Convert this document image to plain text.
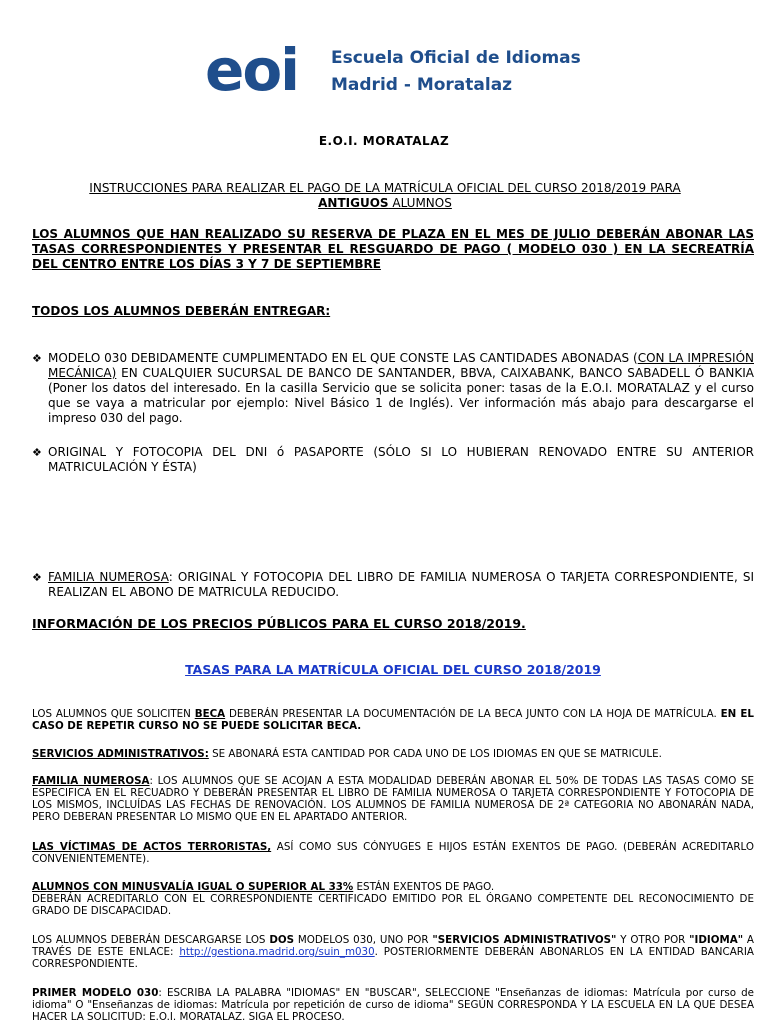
eoi Escuela Oficial de Idiomas
Madrid - Moratalaz
E.O.I. MORATALAZ
INSTRUCCIONES PARA REALIZAR EL PAGO DE LA MATRÍCULA OFICIAL DEL CURSO 2018/2019 PARA
ANTIGUOS ALUMNOS
LOS ALUMNOS QUE HAN REALIZADO SU RESERVA DE PLAZA EN EL MES DE JULIO DEBERÁN ABONAR LAS TASAS CORRESPONDIENTES Y PRESENTAR EL RESGUARDO DE PAGO ( MODELO 030 ) EN LA SECREATRÍA DEL CENTRO ENTRE LOS DÍAS 3 Y 7 DE SEPTIEMBRE
TODOS LOS ALUMNOS DEBERÁN ENTREGAR:
❖ MODELO 030 DEBIDAMENTE CUMPLIMENTADO EN EL QUE CONSTE LAS CANTIDADES ABONADAS (CON LA IMPRESIÓN MECÁNICA) EN CUALQUIER SUCURSAL DE BANCO DE SANTANDER, BBVA, CAIXABANK, BANCO SABADELL Ó BANKIA (Poner los datos del interesado. En la casilla Servicio que se solicita poner: tasas de la E.O.I. MORATALAZ y el curso que se vaya a matricular por ejemplo: Nivel Básico 1 de Inglés). Ver información más abajo para descargarse el impreso 030 del pago.
❖ ORIGINAL Y FOTOCOPIA DEL DNI ó PASAPORTE (SÓLO SI LO HUBIERAN RENOVADO ENTRE SU ANTERIOR MATRICULACIÓN Y ÉSTA)
❖ FAMILIA NUMEROSA: ORIGINAL Y FOTOCOPIA DEL LIBRO DE FAMILIA NUMEROSA O TARJETA CORRESPONDIENTE, SI REALIZAN EL ABONO DE MATRICULA REDUCIDO.
INFORMACIÓN DE LOS PRECIOS PÚBLICOS PARA EL CURSO 2018/2019.
TASAS PARA LA MATRÍCULA OFICIAL DEL CURSO 2018/2019
LOS ALUMNOS QUE SOLICITEN BECA DEBERÁN PRESENTAR LA DOCUMENTACIÓN DE LA BECA JUNTO CON LA HOJA DE MATRÍCULA. EN EL CASO DE REPETIR CURSO NO SE PUEDE SOLICITAR BECA.
SERVICIOS ADMINISTRATIVOS: SE ABONARÁ ESTA CANTIDAD POR CADA UNO DE LOS IDIOMAS EN QUE SE MATRICULE.
FAMILIA NUMEROSA: LOS ALUMNOS QUE SE ACOJAN A ESTA MODALIDAD DEBERÁN ABONAR EL 50% DE TODAS LAS TASAS COMO SE ESPECIFICA EN EL RECUADRO Y DEBERÁN PRESENTAR EL LIBRO DE FAMILIA NUMEROSA O TARJETA CORRESPONDIENTE Y FOTOCOPIA DE LOS MISMOS, INCLUÍDAS LAS FECHAS DE RENOVACIÓN. LOS ALUMNOS DE FAMILIA NUMEROSA DE 2ª CATEGORIA NO ABONARÁN NADA, PERO DEBERAN PRESENTAR LO MISMO QUE EN EL APARTADO ANTERIOR.
LAS VÍCTIMAS DE ACTOS TERRORISTAS, ASÍ COMO SUS CÓNYUGES E HIJOS ESTÁN EXENTOS DE PAGO. (DEBERÁN ACREDITARLO CONVENIENTEMENTE).
ALUMNOS CON MINUSVALÍA IGUAL O SUPERIOR AL 33% ESTÁN EXENTOS DE PAGO.
DEBERÁN ACREDITARLO CON EL CORRESPONDIENTE CERTIFICADO EMITIDO POR EL ÓRGANO COMPETENTE DEL RECONOCIMIENTO DE GRADO DE DISCAPACIDAD.
LOS ALUMNOS DEBERÁN DESCARGARSE LOS DOS MODELOS 030, UNO POR "SERVICIOS ADMINISTRATIVOS" Y OTRO POR "IDIOMA" A TRAVÉS DE ESTE ENLACE: http://gestiona.madrid.org/suin_m030. POSTERIORMENTE DEBERÁN ABONARLOS EN LA ENTIDAD BANCARIA CORRESPONDIENTE.
PRIMER MODELO 030: ESCRIBA LA PALABRA "IDIOMAS" EN "BUSCAR", SELECCIONE "Enseñanzas de idiomas: Matrícula por curso de idioma" O "Enseñanzas de idiomas: Matrícula por repetición de curso de idioma" SEGÚN CORRESPONDA Y LA ESCUELA EN LA QUE DESEA HACER LA SOLICITUD: E.O.I. MORATALAZ. SIGA EL PROCESO.
